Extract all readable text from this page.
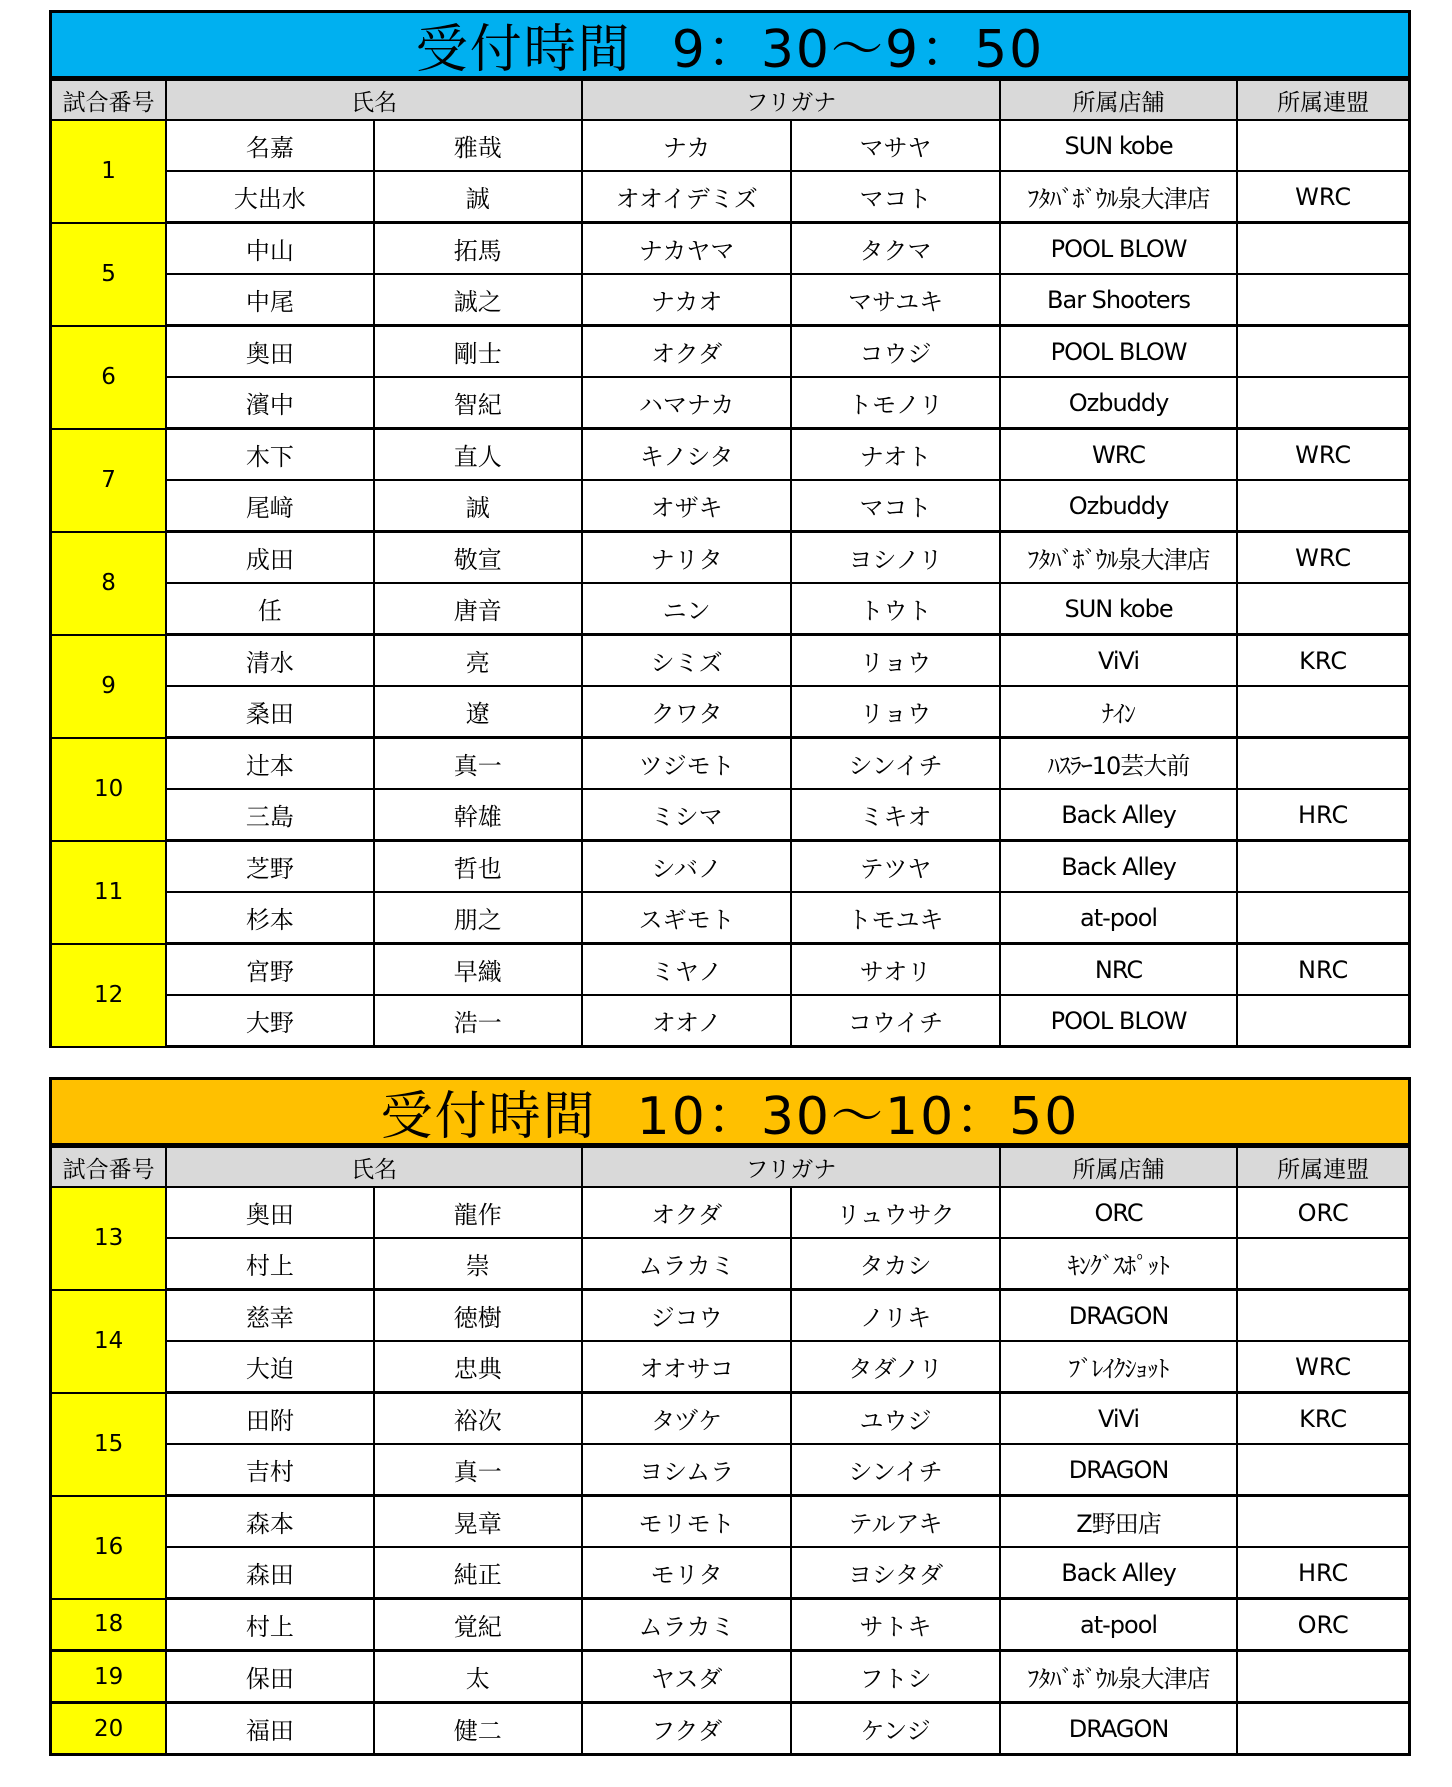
受付時間 9：30～9：50
試合番号	氏名		フリガナ		所属店舗	所属連盟
1	名嘉	雅哉	ナカ	マサヤ	SUN kobe	
	大出水	誠	オオイデミズ	マコト	ﾌﾀﾊﾞﾎﾞｳﾙ泉大津店	WRC
5	中山	拓馬	ナカヤマ	タクマ	POOL BLOW	
	中尾	誠之	ナカオ	マサユキ	Bar Shooters	
6	奥田	剛士	オクダ	コウジ	POOL BLOW	
	濱中	智紀	ハマナカ	トモノリ	Ozbuddy	
7	木下	直人	キノシタ	ナオト	WRC	WRC
	尾﨑	誠	オザキ	マコト	Ozbuddy	
8	成田	敬宣	ナリタ	ヨシノリ	ﾌﾀﾊﾞﾎﾞｳﾙ泉大津店	WRC
	任	唐音	ニン	トウト	SUN kobe	
9	清水	亮	シミズ	リョウ	ViVi	KRC
	桑田	遼	クワタ	リョウ	ﾅｲﾝ	
10	辻本	真一	ツジモト	シンイチ	ﾊｽﾗｰ10芸大前	
	三島	幹雄	ミシマ	ミキオ	Back Alley	HRC
11	芝野	哲也	シバノ	テツヤ	Back Alley	
	杉本	朋之	スギモト	トモユキ	at-pool	
12	宮野	早織	ミヤノ	サオリ	NRC	NRC
	大野	浩一	オオノ	コウイチ	POOL BLOW	
受付時間 10：30～10：50
試合番号	氏名		フリガナ		所属店舗	所属連盟
13	奥田	龍作	オクダ	リュウサク	ORC	ORC
	村上	崇	ムラカミ	タカシ	ｷﾝｸﾞｽﾎﾟｯﾄ	
14	慈幸	徳樹	ジコウ	ノリキ	DRAGON	
	大迫	忠典	オオサコ	タダノリ	ﾌﾞﾚｲｸｼｮｯﾄ	WRC
15	田附	裕次	タヅケ	ユウジ	ViVi	KRC
	吉村	真一	ヨシムラ	シンイチ	DRAGON	
16	森本	晃章	モリモト	テルアキ	Z野田店	
	森田	純正	モリタ	ヨシタダ	Back Alley	HRC
18	村上	覚紀	ムラカミ	サトキ	at-pool	ORC
19	保田	太	ヤスダ	フトシ	ﾌﾀﾊﾞﾎﾞｳﾙ泉大津店	
20	福田	健二	フクダ	ケンジ	DRAGON	
